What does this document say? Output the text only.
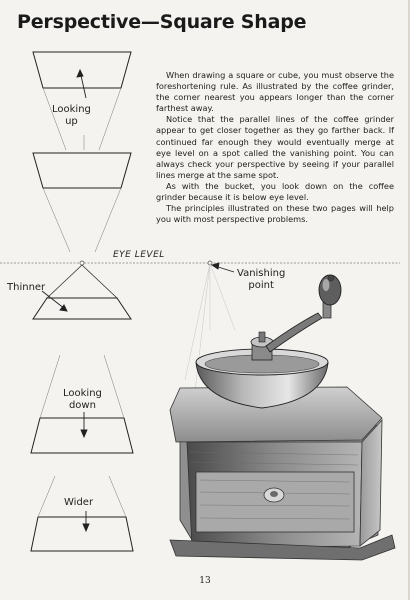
Perspective—Square Shape

When drawing a square or cube, you must observe the foreshortening rule. As illustrated by the coffee grinder, the corner nearest you appears longer than the corner farthest away.

Notice that the parallel lines of the coffee grinder appear to get closer together as they go farther back. If continued far enough they would eventually merge at eye level on a spot called the vanishing point. You can always check your perspective by seeing if your parallel lines merge at the same spot.

As with the bucket, you look down on the coffee grinder because it is below eye level.

The principles illustrated on these two pages will help you with most perspective problems.

Looking
up
EYE LEVEL
Thinner
Vanishing
point
Looking
down
Wider
13
